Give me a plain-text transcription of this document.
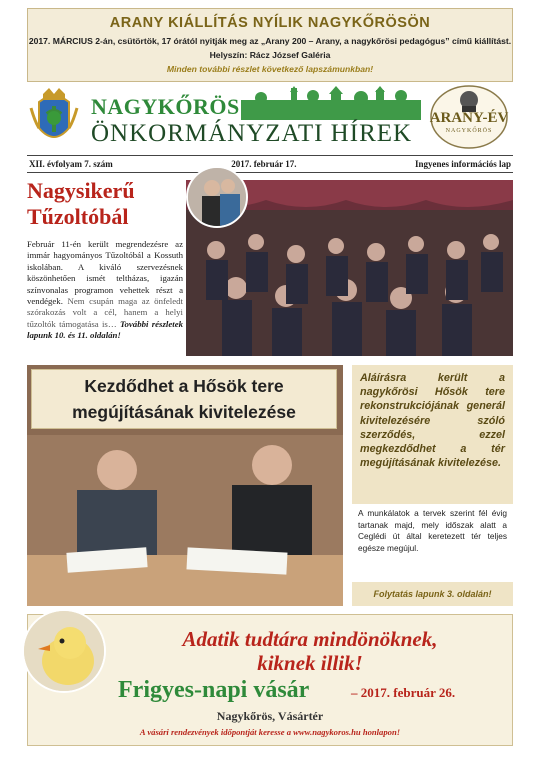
ARANY KIÁLLÍTÁS NYÍLIK NAGYKŐRÖSÖN
2017. MÁRCIUS 2-án, csütörtök, 17 órától nyitják meg az „Arany 200 – Arany, a nagykőrösi pedagógus” című kiállítást.
Helyszín: Rácz József Galéria
Minden további részlet következő lapszámunkban!
NAGYKŐRÖS
ÖNKORMÁNYZATI HÍREK
ARANY-ÉV
NAGYKŐRÖS
XII. évfolyam 7. szám	2017. február 17.	Ingyenes információs lap
Nagysikerű
Tűzoltóbál
Február 11-én került megrendezésre az immár hagyományos Tűzoltóbál a Kossuth iskolában. A kiváló szervezésnek köszönhetően ismét teltházas, igazán színvonalas programon vehettek részt a vendégek. Nem csupán maga az önfeledt szórakozás volt a cél, hanem a helyi tűzoltók támogatása is… További részletek lapunk 10. és 11. oldalán!
Kezdődhet a Hősök tere
megújításának kivitelezése
Aláírásra került a nagykőrösi Hősök tere rekonstrukciójának generál kivitelezésére szóló szerződés, ezzel megkezdődhet a tér megújításának kivitelezése.
A munkálatok a tervek szerint fél évig tartanak majd, mely időszak alatt a Ceglédi út által keretezett tér teljes egésze megújul.
Folytatás lapunk 3. oldalán!
Adatik tudtára mindönöknek,
kiknek illik!
Frigyes-napi vásár	– 2017. február 26.
Nagykőrös, Vásártér
A vásári rendezvények időpontját keresse a www.nagykoros.hu honlapon!
